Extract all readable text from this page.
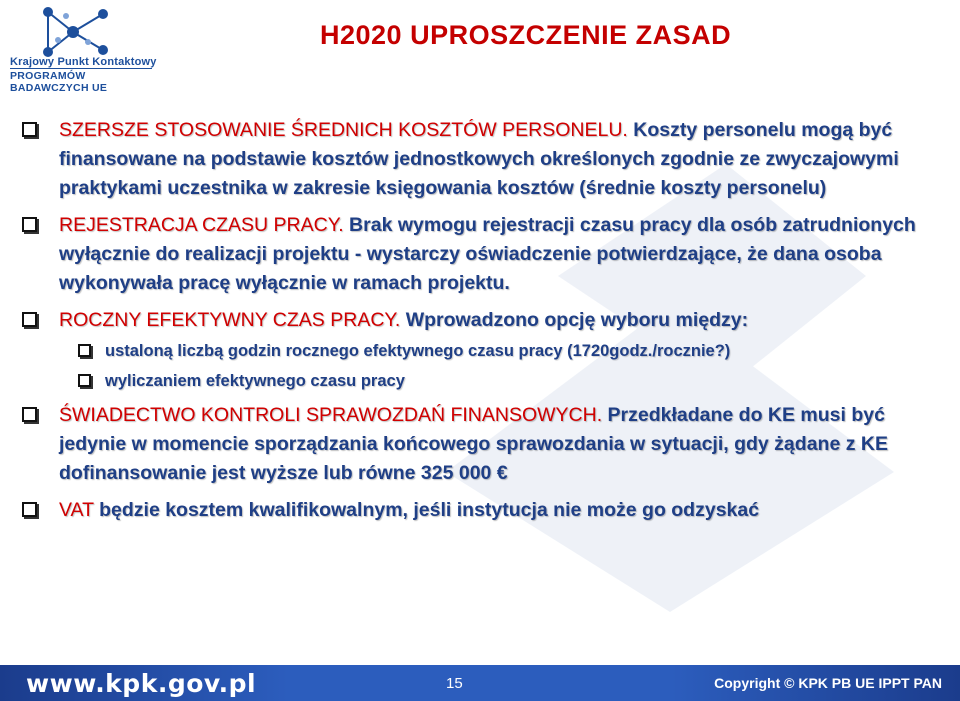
Krajowy Punkt Kontaktowy
PROGRAMÓW BADAWCZYCH UE
H2020 UPROSZCZENIE ZASAD
SZERSZE STOSOWANIE ŚREDNICH KOSZTÓW PERSONELU. Koszty personelu mogą być finansowane na podstawie kosztów jednostkowych określonych zgodnie ze zwyczajowymi praktykami uczestnika w zakresie księgowania kosztów (średnie koszty personelu)
REJESTRACJA CZASU PRACY. Brak wymogu rejestracji czasu pracy dla osób zatrudnionych wyłącznie do realizacji projektu - wystarczy oświadczenie potwierdzające, że dana osoba wykonywała pracę wyłącznie w ramach projektu.
ROCZNY EFEKTYWNY CZAS PRACY. Wprowadzono opcję wyboru między:
ustaloną liczbą godzin rocznego efektywnego czasu pracy (1720godz./rocznie?)
wyliczaniem efektywnego czasu pracy
ŚWIADECTWO KONTROLI SPRAWOZDAŃ FINANSOWYCH. Przedkładane do KE musi być jedynie w momencie sporządzania końcowego sprawozdania w sytuacji, gdy żądane z KE dofinansowanie jest wyższe lub równe 325 000 €
VAT będzie kosztem kwalifikowalnym, jeśli instytucja nie może go odzyskać
www.kpk.gov.pl	15	Copyright © KPK PB UE IPPT PAN
